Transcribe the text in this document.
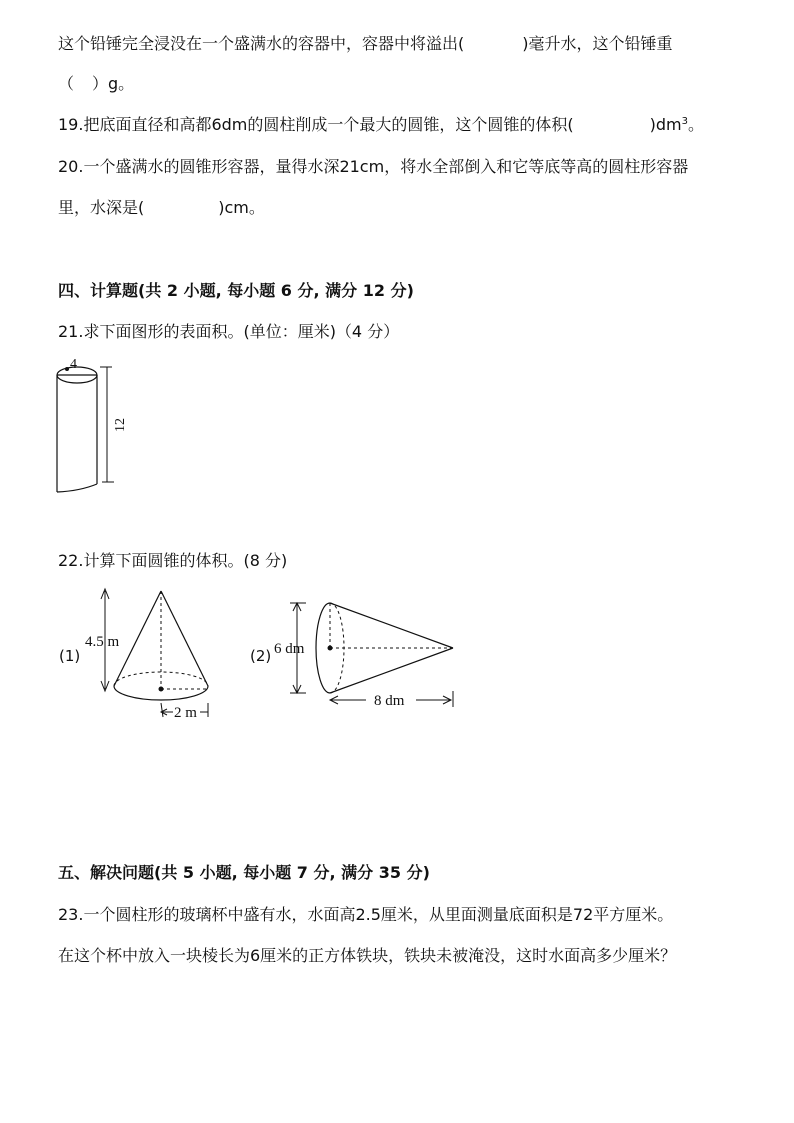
这个铅锤完全浸没在一个盛满水的容器中，容器中将溢出(	)毫升水，这个铅锤重

（ ）g。

19.把底面直径和高都6dm的圆柱削成一个最大的圆锥，这个圆锥的体积(	)$dm^3$。

20.一个盛满水的圆锥形容器，量得水深21cm，将水全部倒入和它等底等高的圆柱形容器

里，水深是(	)cm。

四、计算题(共 2 小题, 每小题 6 分, 满分 12 分)

21.求下面图形的表面积。(单位：厘米)（4 分）

4
12

22.计算下面圆锥的体积。(8 分)

(1)
4.5 m
2 m
(2) 6 dm
8 dm

五、解决问题(共 5 小题, 每小题 7 分, 满分 35 分)

23.一个圆柱形的玻璃杯中盛有水，水面高2.5厘米，从里面测量底面积是72平方厘米。

在这个杯中放入一块棱长为6厘米的正方体铁块，铁块未被淹没，这时水面高多少厘米？
